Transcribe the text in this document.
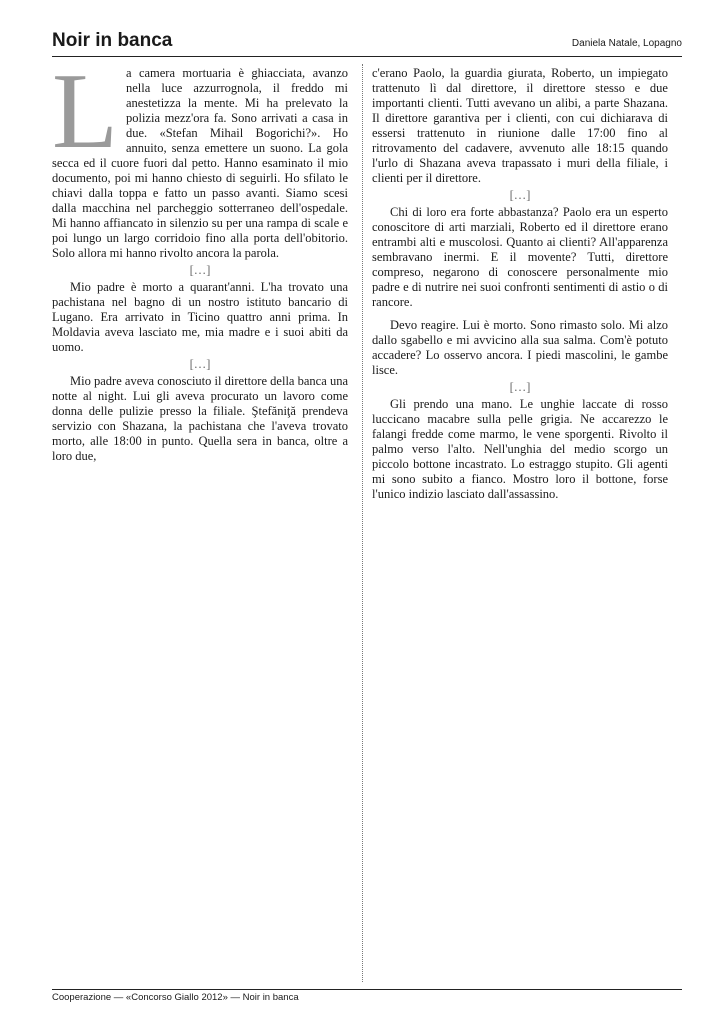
Noir in banca	Daniela Natale, Lopagno
L a camera mortuaria è ghiacciata, avanzo nella luce azzurrognola, il freddo mi anestetizza la mente. Mi ha prelevato la polizia mezz'ora fa. Sono arrivati a casa in due. «Stefan Mihail Bogorichi?». Ho annuito, senza emettere un suono. La gola secca ed il cuore fuori dal petto. Hanno esaminato il mio documento, poi mi hanno chiesto di seguirli. Ho sfilato le chiavi dalla toppa e fatto un passo avanti. Siamo scesi dalla macchina nel parcheggio sotterraneo dell'ospedale. Mi hanno affiancato in silenzio su per una rampa di scale e poi lungo un largo corridoio fino alla porta dell'obitorio. Solo allora mi hanno rivolto ancora la parola.

[…]

Mio padre è morto a quarant'anni. L'ha trovato una pachistana nel bagno di un nostro istituto bancario di Lugano. Era arrivato in Ticino quattro anni prima. In Moldavia aveva lasciato me, mia madre e i suoi abiti da uomo.

[…]

Mio padre aveva conosciuto il direttore della banca una notte al night. Lui gli aveva procurato un lavoro come donna delle pulizie presso la filiale. Ştefăniţă prendeva servizio con Shazana, la pachistana che l'aveva trovato morto, alle 18:00 in punto. Quella sera in banca, oltre a loro due,

c'erano Paolo, la guardia giurata, Roberto, un impiegato trattenuto lì dal direttore, il direttore stesso e due importanti clienti. Tutti avevano un alibi, a parte Shazana. Il direttore garantiva per i clienti, con cui dichiarava di essersi trattenuto in riunione dalle 17:00 fino al ritrovamento del cadavere, avvenuto alle 18:15 quando l'urlo di Shazana aveva trapassato i muri della filiale, i clienti per il direttore.

[…]

Chi di loro era forte abbastanza? Paolo era un esperto conoscitore di arti marziali, Roberto ed il direttore erano entrambi alti e muscolosi. Quanto ai clienti? All'apparenza sembravano inermi. E il movente? Tutti, direttore compreso, negarono di conoscere personalmente mio padre e di nutrire nei suoi confronti sentimenti di astio o di rancore.

Devo reagire. Lui è morto. Sono rimasto solo. Mi alzo dallo sgabello e mi avvicino alla sua salma. Com'è potuto accadere? Lo osservo ancora. I piedi mascolini, le gambe lisce.

[…]

Gli prendo una mano. Le unghie laccate di rosso luccicano macabre sulla pelle grigia. Ne accarezzo le falangi fredde come marmo, le vene sporgenti. Rivolto il palmo verso l'alto. Nell'unghia del medio scorgo un piccolo bottone incastrato. Lo estraggo stupito. Gli agenti mi sono subito a fianco. Mostro loro il bottone, forse l'unico indizio lasciato dall'assassino.

Cooperazione — «Concorso Giallo 2012» — Noir in banca
